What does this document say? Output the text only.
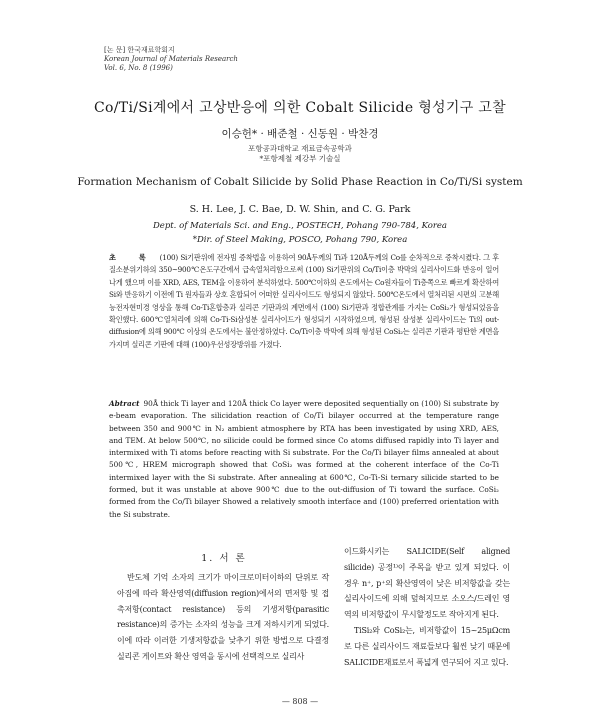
[논 문] 한국재료학회지
Korean Journal of Materials Research
Vol. 6, No. 8 (1996)
Co/Ti/Si계에서 고상반응에 의한 Cobalt Silicide 형성기구 고찰
이승헌* · 배준철 · 신동원 · 박찬경
포항공과대학교 재료금속공학과
*포항제철 제강부 기술실
Formation Mechanism of Cobalt Silicide by Solid Phase Reaction in Co/Ti/Si system
S. H. Lee, J. C. Bae, D. W. Shin, and C. G. Park
Dept. of Materials Sci. and Eng., POSTECH, Pohang 790-784, Korea
*Dir. of Steel Making, POSCO, Pohang 790, Korea
초 록 (100) Si기판위에 전자빔 증착법을 이용하여 90Å두께의 Ti과 120Å두께의 Co를 순차적으로 증착시켰다. 그 후 질소분위기하의 350~900℃온도구간에서 급속열처리함으로써 (100) Si기판위의 Co/Ti이층 박막의 실리사이드화 반응이 일어나게 했으며 이를 XRD, AES, TEM을 이용하여 분석하였다. 500℃이하의 온도에서는 Co원자들이 Ti층쪽으로 빠르게 확산하여 Si와 반응하기 이전에 Ti 원자들과 상호 혼합되어 어떠한 실리사이드도 형성되지 않았다. 500℃온도에서 열처리된 시편의 고분해능전자현미경 영상을 통해 Co-Ti혼합층과 실리콘 기판과의 계면에서 (100) Si기판과 정합관계를 가지는 CoSi₂가 형성되었음을 확인했다. 600℃열처리에 의해 Co-Ti-Si삼성분 실리사이드가 형성되기 시작하였으며, 형성된 삼성분 실리사이드는 Ti의 out-diffusion에 의해 900℃ 이상의 온도에서는 불안정하였다. Co/Ti이층 박막에 의해 형성된 CoSi₂는 실리콘 기판과 평탄한 계면을 가지며 실리콘 기판에 대해 (100)우선성장방위를 가졌다.
Abtract 90Å thick Ti layer and 120Å thick Co layer were deposited sequentially on (100) Si substrate by e-beam evaporation. The silicidation reaction of Co/Ti bilayer occurred at the temperature range between 350 and 900℃ in N₂ ambient atmosphere by RTA has been investigated by using XRD, AES, and TEM. At below 500℃, no silicide could be formed since Co atoms diffused rapidly into Ti layer and intermixed with Ti atoms before reacting with Si substrate. For the Co/Ti bilayer films annealed at about 500℃, HREM micrograph showed that CoSi₂ was formed at the coherent interface of the Co-Ti intermixed layer with the Si substrate. After annealing at 600℃, Co-Ti-Si ternary silicide started to be formed, but it was unstable at above 900℃ due to the out-diffusion of Ti toward the surface. CoSi₂ formed from the Co/Ti bilayer Showed a relatively smooth interface and (100) preferred orientation with the Si substrate.
1. 서 론

반도체 기억 소자의 크기가 마이크로미터이하의 단위로 작아짐에 따라 확산영역(diffusion region)에서의 면저항 및 접촉저항(contact resistance) 등의 기생저항(parasitic resistance)의 증가는 소자의 성능을 크게 저하시키게 되었다. 이에 따라 이러한 기생저항값을 낮추기 위한 방법으로 다결정 실리콘 게이트와 확산 영역을 동시에 선택적으로 실리사

이드화시키는 SALICIDE(Self aligned silicide) 공정¹⁾이 주목을 받고 있게 되었다. 이 경우 n⁺, p⁺의 확산영역이 낮은 비저항값을 갖는 실리사이드에 의해 덮혀지므로 소오스/드레인 영역의 비저항값이 무시할정도로 작아지게 된다.

TiSi₂와 CoSi₂는, 비저항값이 15~25μΩcm로 다른 실리사이드 재료들보다 훨씬 낮기 때문에 SALICIDE재료로서 폭넓게 연구되어 지고 있다.

— 808 —
